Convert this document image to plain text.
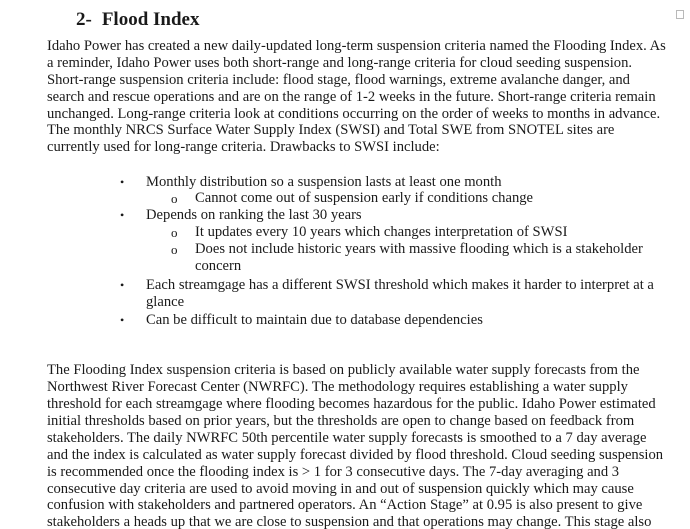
2- Flood Index
Idaho Power has created a new daily-updated long-term suspension criteria named the Flooding Index. As
a reminder, Idaho Power uses both short-range and long-range criteria for cloud seeding suspension.
Short-range suspension criteria include: flood stage, flood warnings, extreme avalanche danger, and
search and rescue operations and are on the range of 1-2 weeks in the future. Short-range criteria remain
unchanged. Long-range criteria look at conditions occurring on the order of weeks to months in advance.
The monthly NRCS Surface Water Supply Index (SWSI) and Total SWE from SNOTEL sites are
currently used for long-range criteria. Drawbacks to SWSI include:
• Monthly distribution so a suspension lasts at least one month
o Cannot come out of suspension early if conditions change
• Depends on ranking the last 30 years
o It updates every 10 years which changes interpretation of SWSI
o Does not include historic years with massive flooding which is a stakeholder
concern
• Each streamgage has a different SWSI threshold which makes it harder to interpret at a
glance
• Can be difficult to maintain due to database dependencies
The Flooding Index suspension criteria is based on publicly available water supply forecasts from the
Northwest River Forecast Center (NWRFC). The methodology requires establishing a water supply
threshold for each streamgage where flooding becomes hazardous for the public. Idaho Power estimated
initial thresholds based on prior years, but the thresholds are open to change based on feedback from
stakeholders. The daily NWRFC 50th percentile water supply forecasts is smoothed to a 7 day average
and the index is calculated as water supply forecast divided by flood threshold. Cloud seeding suspension
is recommended once the flooding index is > 1 for 3 consecutive days. The 7-day averaging and 3
consecutive day criteria are used to avoid moving in and out of suspension quickly which may cause
confusion with stakeholders and partnered operators. An “Action Stage” at 0.95 is also present to give
stakeholders a heads up that we are close to suspension and that operations may change. This stage also
